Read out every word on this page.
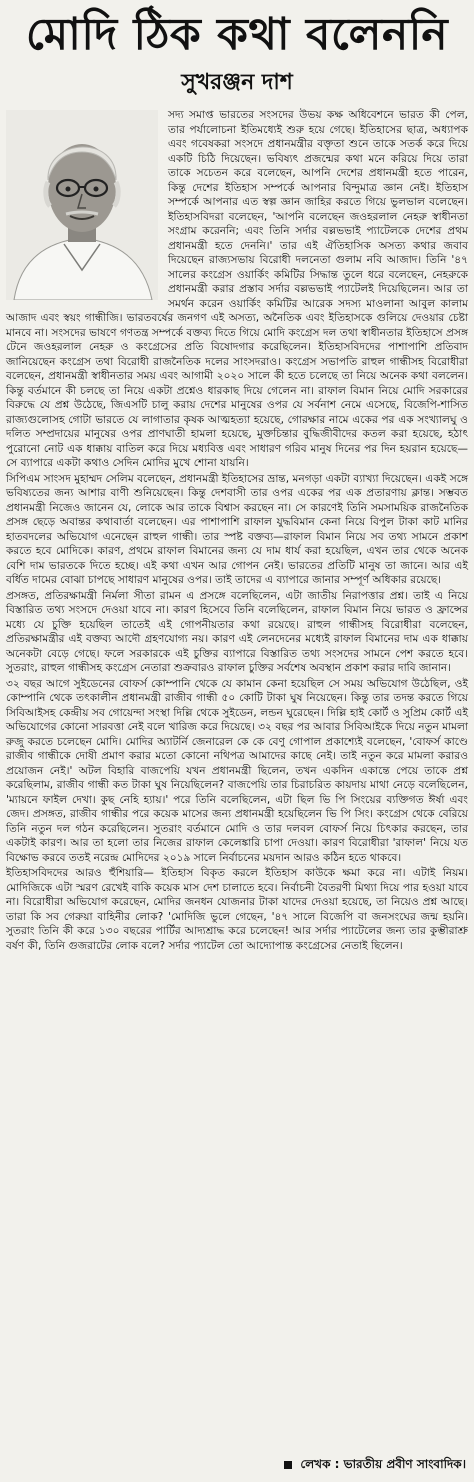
মোদি ঠিক কথা বলেননি
সুখরঞ্জন দাশ

সদ্য সমাপ্ত ভারতের সংসদের উভয় কক্ষ অধিবেশনে ভারত কী পেল, তার পর্যালোচনা ইতিমধ্যেই শুরু হয়ে গেছে। ইতিহাসের ছাত্র, অধ্যাপক এবং গবেষকরা সংসদে প্রধানমন্ত্রীর বক্তৃতা শুনে তাকে সতর্ক করে দিয়ে একটি চিঠি দিয়েছেন। ভবিষ্যৎ প্রজন্মের কথা মনে করিয়ে দিয়ে তারা তাকে সচেতন করে বলেছেন, আপনি দেশের প্রধানমন্ত্রী হতে পারেন, কিন্তু দেশের ইতিহাস সম্পর্কে আপনার বিন্দুমাত্র জ্ঞান নেই। ইতিহাস সম্পর্কে আপনার এত স্বল্প জ্ঞান জাহির করতে গিয়ে ভুলভাল বলেছেন। ইতিহাসবিদরা বলেছেন, 'আপনি বলেছেন জওহরলাল নেহরু স্বাধীনতা সংগ্রাম করেননি; এবং তিনি সর্দার বল্লভভাই প্যাটেলকে দেশের প্রথম প্রধানমন্ত্রী হতে দেননি।' তার এই ঐতিহাসিক অসত্য কথার জবাব দিয়েছেন রাজ্যসভায় বিরোধী দলনেতা গুলাম নবি আজাদ। তিনি '৪৭ সালের কংগ্রেস ওয়ার্কিং কমিটির সিদ্ধান্ত তুলে ধরে বলেছেন, নেহরুকে প্রধানমন্ত্রী করার প্রস্তাব সর্দার বল্লভভাই প্যাটেলই দিয়েছিলেন। আর তা সমর্থন করেন ওয়ার্কিং কমিটির আরেক সদস্য মাওলানা আবুল কালাম আজাদ এবং স্বয়ং গান্ধীজি। ভারতবর্ষের জনগণ এই অসত্য, অনৈতিক এবং ইতিহাসকে গুলিয়ে দেওয়ার চেষ্টা মানবে না। সংসদের ভাষণে গণতন্ত্র সম্পর্কে বক্তব্য দিতে গিয়ে মোদি কংগ্রেস দল তথা স্বাধীনতার ইতিহাসে প্রসঙ্গ টেনে জওহরলাল নেহরু ও কংগ্রেসের প্রতি বিষোদগার করেছিলেন। ইতিহাসবিদদের পাশাপাশি প্রতিবাদ জানিয়েছেন কংগ্রেস তথা বিরোধী রাজনৈতিক দলের সাংসদরাও। কংগ্রেস সভাপতি রাহুল গান্ধীসহ বিরোধীরা বলেছেন, প্রধানমন্ত্রী স্বাধীনতার সময় এবং আগামী ২০২০ সালে কী হতে চলেছে তা নিয়ে অনেক কথা বললেন। কিন্তু বর্তমানে কী চলছে তা নিয়ে একটা প্রশ্নেও ধারকাছ দিয়ে গেলেন না। রাফাল বিমান নিয়ে মোদি সরকারের বিরুদ্ধে যে প্রশ্ন উঠেছে, জিএসটি চালু করায় দেশের মানুষের ওপর যে সর্বনাশ নেমে এসেছে, বিজেপি-শাসিত রাজ্যগুলোসহ গোটা ভারতে যে লাগাতার কৃষক আত্মহত্যা হয়েছে, গোরক্ষার নামে একের পর এক সংখ্যালঘু ও দলিত সম্প্রদায়ের মানুষের ওপর প্রাণঘাতী হামলা হয়েছে, মুক্তচিন্তার বুদ্ধিজীবীদের কতল করা হয়েছে, হঠাৎ পুরোনো নোট এক ধাক্কায় বাতিল করে দিয়ে মধ্যবিত্ত এবং সাধারণ গরিব মানুষ দিনের পর দিন হয়রান হয়েছে—সে ব্যাপারে একটা কথাও সেদিন মোদির মুখে শোনা যায়নি।

সিপিএম সাংসদ মুহাম্মদ সেলিম বলেছেন, প্রধানমন্ত্রী ইতিহাসের ভ্রান্ত, মনগড়া একটা ব্যাখ্যা দিয়েছেন। একই সঙ্গে ভবিষ্যতের জন্য আশার বাণী শুনিয়েছেন। কিন্তু দেশবাসী তার ওপর একের পর এক প্রতারণায় ক্লান্ত। সম্ভবত প্রধানমন্ত্রী নিজেও জানেন যে, লোকে আর তাকে বিশ্বাস করছেন না। সে কারণেই তিনি সমসাময়িক রাজনৈতিক প্রসঙ্গ ছেড়ে অবান্তর কথাবার্তা বলেছেন। এর পাশাপাশি রাফাল যুদ্ধবিমান কেনা নিয়ে বিপুল টাকা কাট মানির হাতবদলের অভিযোগ এনেছেন রাহুল গান্ধী। তার স্পষ্ট বক্তব্য—রাফাল বিমান নিয়ে সব তথ্য সামনে প্রকাশ করতে হবে মোদিকে। কারণ, প্রথমে রাফাল বিমানের জন্য যে দাম ধার্য করা হয়েছিল, এখন তার থেকে অনেক বেশি দাম ভারতকে দিতে হচ্ছে। এই কথা এখন আর গোপন নেই। ভারতের প্রতিটি মানুষ তা জানে। আর এই বর্ধিত দামের বোঝা চাপছে সাধারণ মানুষের ওপর। তাই তাদের এ ব্যাপারে জানার সম্পূর্ণ অধিকার রয়েছে।

প্রসঙ্গত, প্রতিরক্ষামন্ত্রী নির্মলা সীতা রামন এ প্রসঙ্গে বলেছিলেন, এটা জাতীয় নিরাপত্তার প্রশ্ন। তাই এ নিয়ে বিস্তারিত তথ্য সংসদে দেওয়া যাবে না। কারণ হিসেবে তিনি বলেছিলেন, রাফাল বিমান নিয়ে ভারত ও ফ্রান্সের মধ্যে যে চুক্তি হয়েছিল তাতেই এই গোপনীয়তার কথা রয়েছে। রাহুল গান্ধীসহ বিরোধীরা বলেছেন, প্রতিরক্ষামন্ত্রীর এই বক্তব্য আদৌ গ্রহণযোগ্য নয়। কারণ এই লেনদেনের মধ্যেই রাফাল বিমানের দাম এক ধাক্কায় অনেকটা বেড়ে গেছে। ফলে সরকারকে এই চুক্তির ব্যাপারে বিস্তারিত তথ্য সংসদের সামনে পেশ করতে হবে। সুতরাং, রাহুল গান্ধীসহ কংগ্রেস নেতারা শুক্রবারও রাফাল চুক্তির সর্বশেষ অবস্থান প্রকাশ করার দাবি জানান।

৩২ বছর আগে সুইডেনের বোফর্স কোম্পানি থেকে যে কামান কেনা হয়েছিল সে সময় অভিযোগ উঠেছিল, ওই কোম্পানি থেকে তৎকালীন প্রধানমন্ত্রী রাজীব গান্ধী ৫০ কোটি টাকা ঘুষ নিয়েছেন। কিন্তু তার তদন্ত করতে গিয়ে সিবিআইসহ কেন্দ্রীয় সব গোয়েন্দা সংস্থা দিল্লি থেকে সুইডেন, লন্ডন ঘুরেছেন। দিল্লি হাই কোর্ট ও সুপ্রিম কোর্ট এই অভিযোগের কোনো সারবত্তা নেই বলে খারিজ করে দিয়েছে। ৩২ বছর পর আবার সিবিআইকে দিয়ে নতুন মামলা রুজু করতে চলেছেন মোদি। মোদির অ্যাটর্নি জেনারেল কে কে বেণু গোপাল প্রকাশ্যেই বলেছেন, 'বোফর্স কাণ্ডে রাজীব গান্ধীকে দোষী প্রমাণ করার মতো কোনো নথিপত্র আমাদের কাছে নেই। তাই নতুন করে মামলা করারও প্রয়োজন নেই।' অটল বিহারি বাজপেয়ি যখন প্রধানমন্ত্রী ছিলেন, তখন একদিন একান্তে পেয়ে তাকে প্রশ্ন করেছিলাম, রাজীব গান্ধী কত টাকা ঘুষ নিয়েছিলেন? বাজপেয়ি তার চিরাচরিত কায়দায় মাথা নেড়ে বলেছিলেন, 'ম্যায়নে ফাইল দেখা। কুছ নেহি হ্যায়।' পরে তিনি বলেছিলেন, এটা ছিল ভি পি সিংয়ের ব্যক্তিগত ঈর্ষা এবং জেদ। প্রসঙ্গত, রাজীব গান্ধীর পরে কয়েক মাসের জন্য প্রধানমন্ত্রী হয়েছিলেন ভি পি সিং। কংগ্রেস থেকে বেরিয়ে তিনি নতুন দল গঠন করেছিলেন। সুতরাং বর্তমানে মোদি ও তার দলবল বোফর্স নিয়ে চিৎকার করছেন, তার একটাই কারণ। আর তা হলো তার নিজের রাফাল কেলেঙ্কারি চাপা দেওয়া। কারণ বিরোধীরা 'রাফাল' নিয়ে যত বিক্ষোভ করবে ততই নরেন্দ্র মোদিদের ২০১৯ সালে নির্বাচনের ময়দান আরও কঠিন হতে থাকবে।

ইতিহাসবিদদের আরও হুঁশিয়ারি— ইতিহাস বিকৃত করলে ইতিহাস কাউকে ক্ষমা করে না। এটাই নিয়ম। মোদিজিকে এটা স্মরণ রেখেই বাকি কয়েক মাস দেশ চালাতে হবে। নির্বাচনী বৈতরণী মিথ্যা দিয়ে পার হওয়া যাবে না। বিরোধীরা অভিযোগ করেছেন, মোদির জনধন যোজনার টাকা যাদের দেওয়া হয়েছে, তা নিয়েও প্রশ্ন আছে। তারা কি সব গেরুয়া বাহিনীর লোক? 'মোদিজি ভুলে গেছেন, '৪৭ সালে বিজেপি বা জনসংঘের জন্ম হয়নি। সুতরাং তিনি কী করে ১৩০ বছরের পার্টির আদ্যশ্রাদ্ধ করে চলেছেন! আর সর্দার প্যাটেলের জন্য তার কুম্ভীরাশ্রু বর্ষণ কী, তিনি গুজরাটের লোক বলে? সর্দার প্যাটেল তো আদ্যোপান্ত কংগ্রেসের নেতাই ছিলেন।

লেখক : ভারতীয় প্রবীণ সাংবাদিক।
